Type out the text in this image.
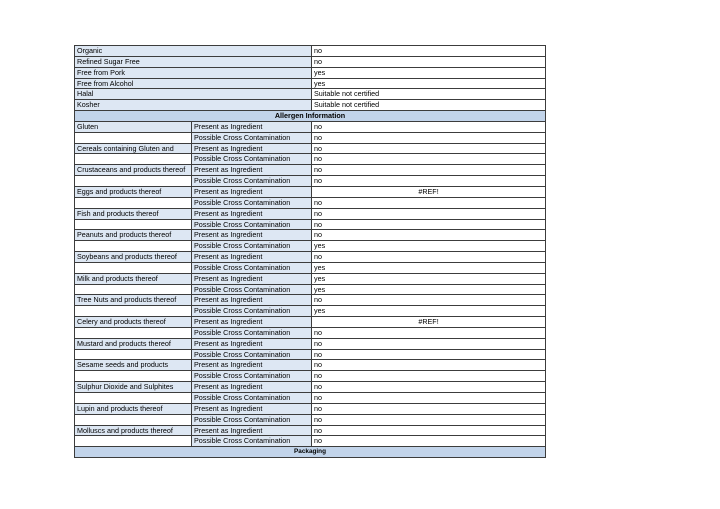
Organic		no
Refined Sugar Free		no
Free from Pork		yes
Free from Alcohol		yes
Halal		Suitable not certified
Kosher		Suitable not certified
Allergen Information		
Gluten	Present as Ingredient	no
	Possible Cross Contamination	no
Cereals containing Gluten and	Present as Ingredient	no
	Possible Cross Contamination	no
Crustaceans and products thereof	Present as Ingredient	no
	Possible Cross Contamination	no
Eggs and products thereof	Present as Ingredient	#REF!
	Possible Cross Contamination	no
Fish and products thereof	Present as Ingredient	no
	Possible Cross Contamination	no
Peanuts and products thereof	Present as Ingredient	no
	Possible Cross Contamination	yes
Soybeans and products thereof	Present as Ingredient	no
	Possible Cross Contamination	yes
Milk and products thereof	Present as Ingredient	yes
	Possible Cross Contamination	yes
Tree Nuts and products thereof	Present as Ingredient	no
	Possible Cross Contamination	yes
Celery and products thereof	Present as Ingredient	#REF!
	Possible Cross Contamination	no
Mustard and products thereof	Present as Ingredient	no
	Possible Cross Contamination	no
Sesame seeds and products	Present as Ingredient	no
	Possible Cross Contamination	no
Sulphur Dioxide and Sulphites	Present as Ingredient	no
	Possible Cross Contamination	no
Lupin and products thereof	Present as Ingredient	no
	Possible Cross Contamination	no
Molluscs and products thereof	Present as Ingredient	no
	Possible Cross Contamination	no
Packaging		
